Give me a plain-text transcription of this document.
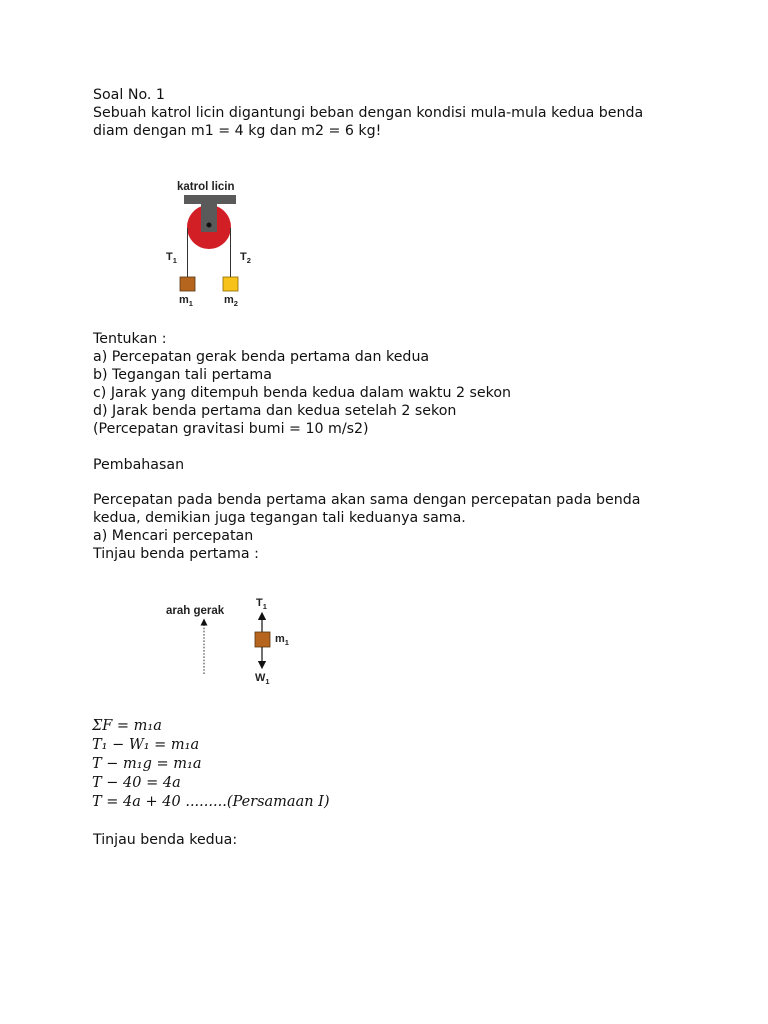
Soal No. 1

Sebuah katrol licin digantungi beban dengan kondisi mula-mula kedua benda

diam dengan m1 = 4 kg dan m2 = 6 kg!

katrol licin
$T_1$	$T_2$
$m_1$	$m_2$

Tentukan :

a) Percepatan gerak benda pertama dan kedua

b) Tegangan tali pertama

c) Jarak yang ditempuh benda kedua dalam waktu 2 sekon

d) Jarak benda pertama dan kedua setelah 2 sekon

(Percepatan gravitasi bumi = 10 m/s2)

Pembahasan

Percepatan pada benda pertama akan sama dengan percepatan pada benda

kedua, demikian juga tegangan tali keduanya sama.

a) Mencari percepatan

Tinjau benda pertama :

arah gerak
$T_1$
$m_1$
$W_1$

ΣF = m₁a

T₁ − W₁ = m₁a

T − m₁g = m₁a

T − 40 = 4a

T = 4a + 40 .........(Persamaan I)

Tinjau benda kedua:
